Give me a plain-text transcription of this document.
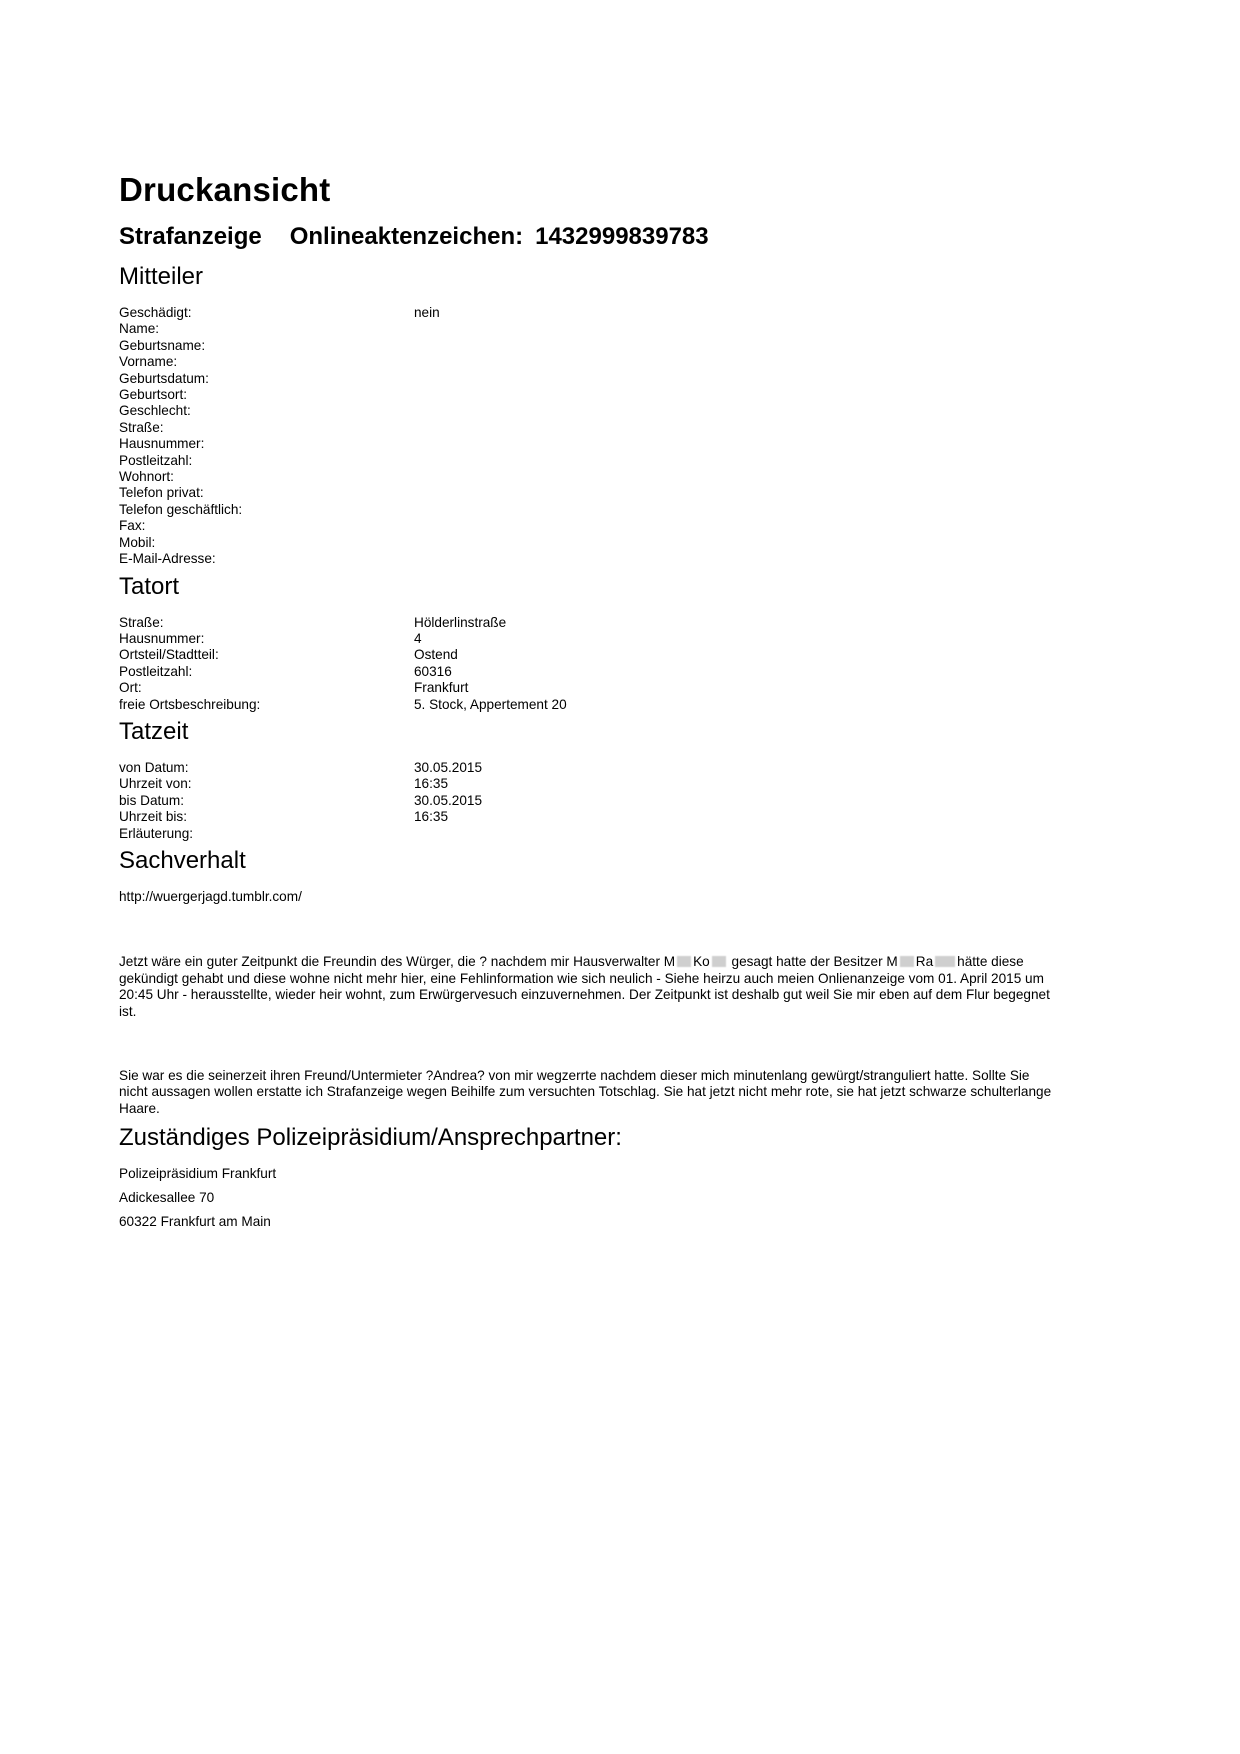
Druckansicht
Strafanzeige Onlineaktenzeichen: 1432999839783
Mitteiler
Geschädigt:	nein
Name:
Geburtsname:
Vorname:
Geburtsdatum:
Geburtsort:
Geschlecht:
Straße:
Hausnummer:
Postleitzahl:
Wohnort:
Telefon privat:
Telefon geschäftlich:
Fax:
Mobil:
E-Mail-Adresse:
Tatort
Straße:	Hölderlinstraße
Hausnummer:	4
Ortsteil/Stadtteil:	Ostend
Postleitzahl:	60316
Ort:	Frankfurt
freie Ortsbeschreibung:	5. Stock, Appertement 20
Tatzeit
von Datum:	30.05.2015
Uhrzeit von:	16:35
bis Datum:	30.05.2015
Uhrzeit bis:	16:35
Erläuterung:
Sachverhalt

http://wuergerjagd.tumblr.com/

Jetzt wäre ein guter Zeitpunkt die Freundin des Würger, die ? nachdem mir Hausverwalter M Ko gesagt hatte der Besitzer M Ra hätte diese
gekündigt gehabt und diese wohne nicht mehr hier, eine Fehlinformation wie sich neulich - Siehe heirzu auch meien Onlienanzeige vom 01. April 2015 um
20:45 Uhr - herausstellte, wieder heir wohnt, zum Erwürgervesuch einzuvernehmen. Der Zeitpunkt ist deshalb gut weil Sie mir eben auf dem Flur begegnet
ist.
Sie war es die seinerzeit ihren Freund/Untermieter ?Andrea? von mir wegzerrte nachdem dieser mich minutenlang gewürgt/stranguliert hatte. Sollte Sie
nicht aussagen wollen erstatte ich Strafanzeige wegen Beihilfe zum versuchten Totschlag. Sie hat jetzt nicht mehr rote, sie hat jetzt schwarze schulterlange
Haare.
Zuständiges Polizeipräsidium/Ansprechpartner:

Polizeipräsidium Frankfurt

Adickesallee 70

60322 Frankfurt am Main
